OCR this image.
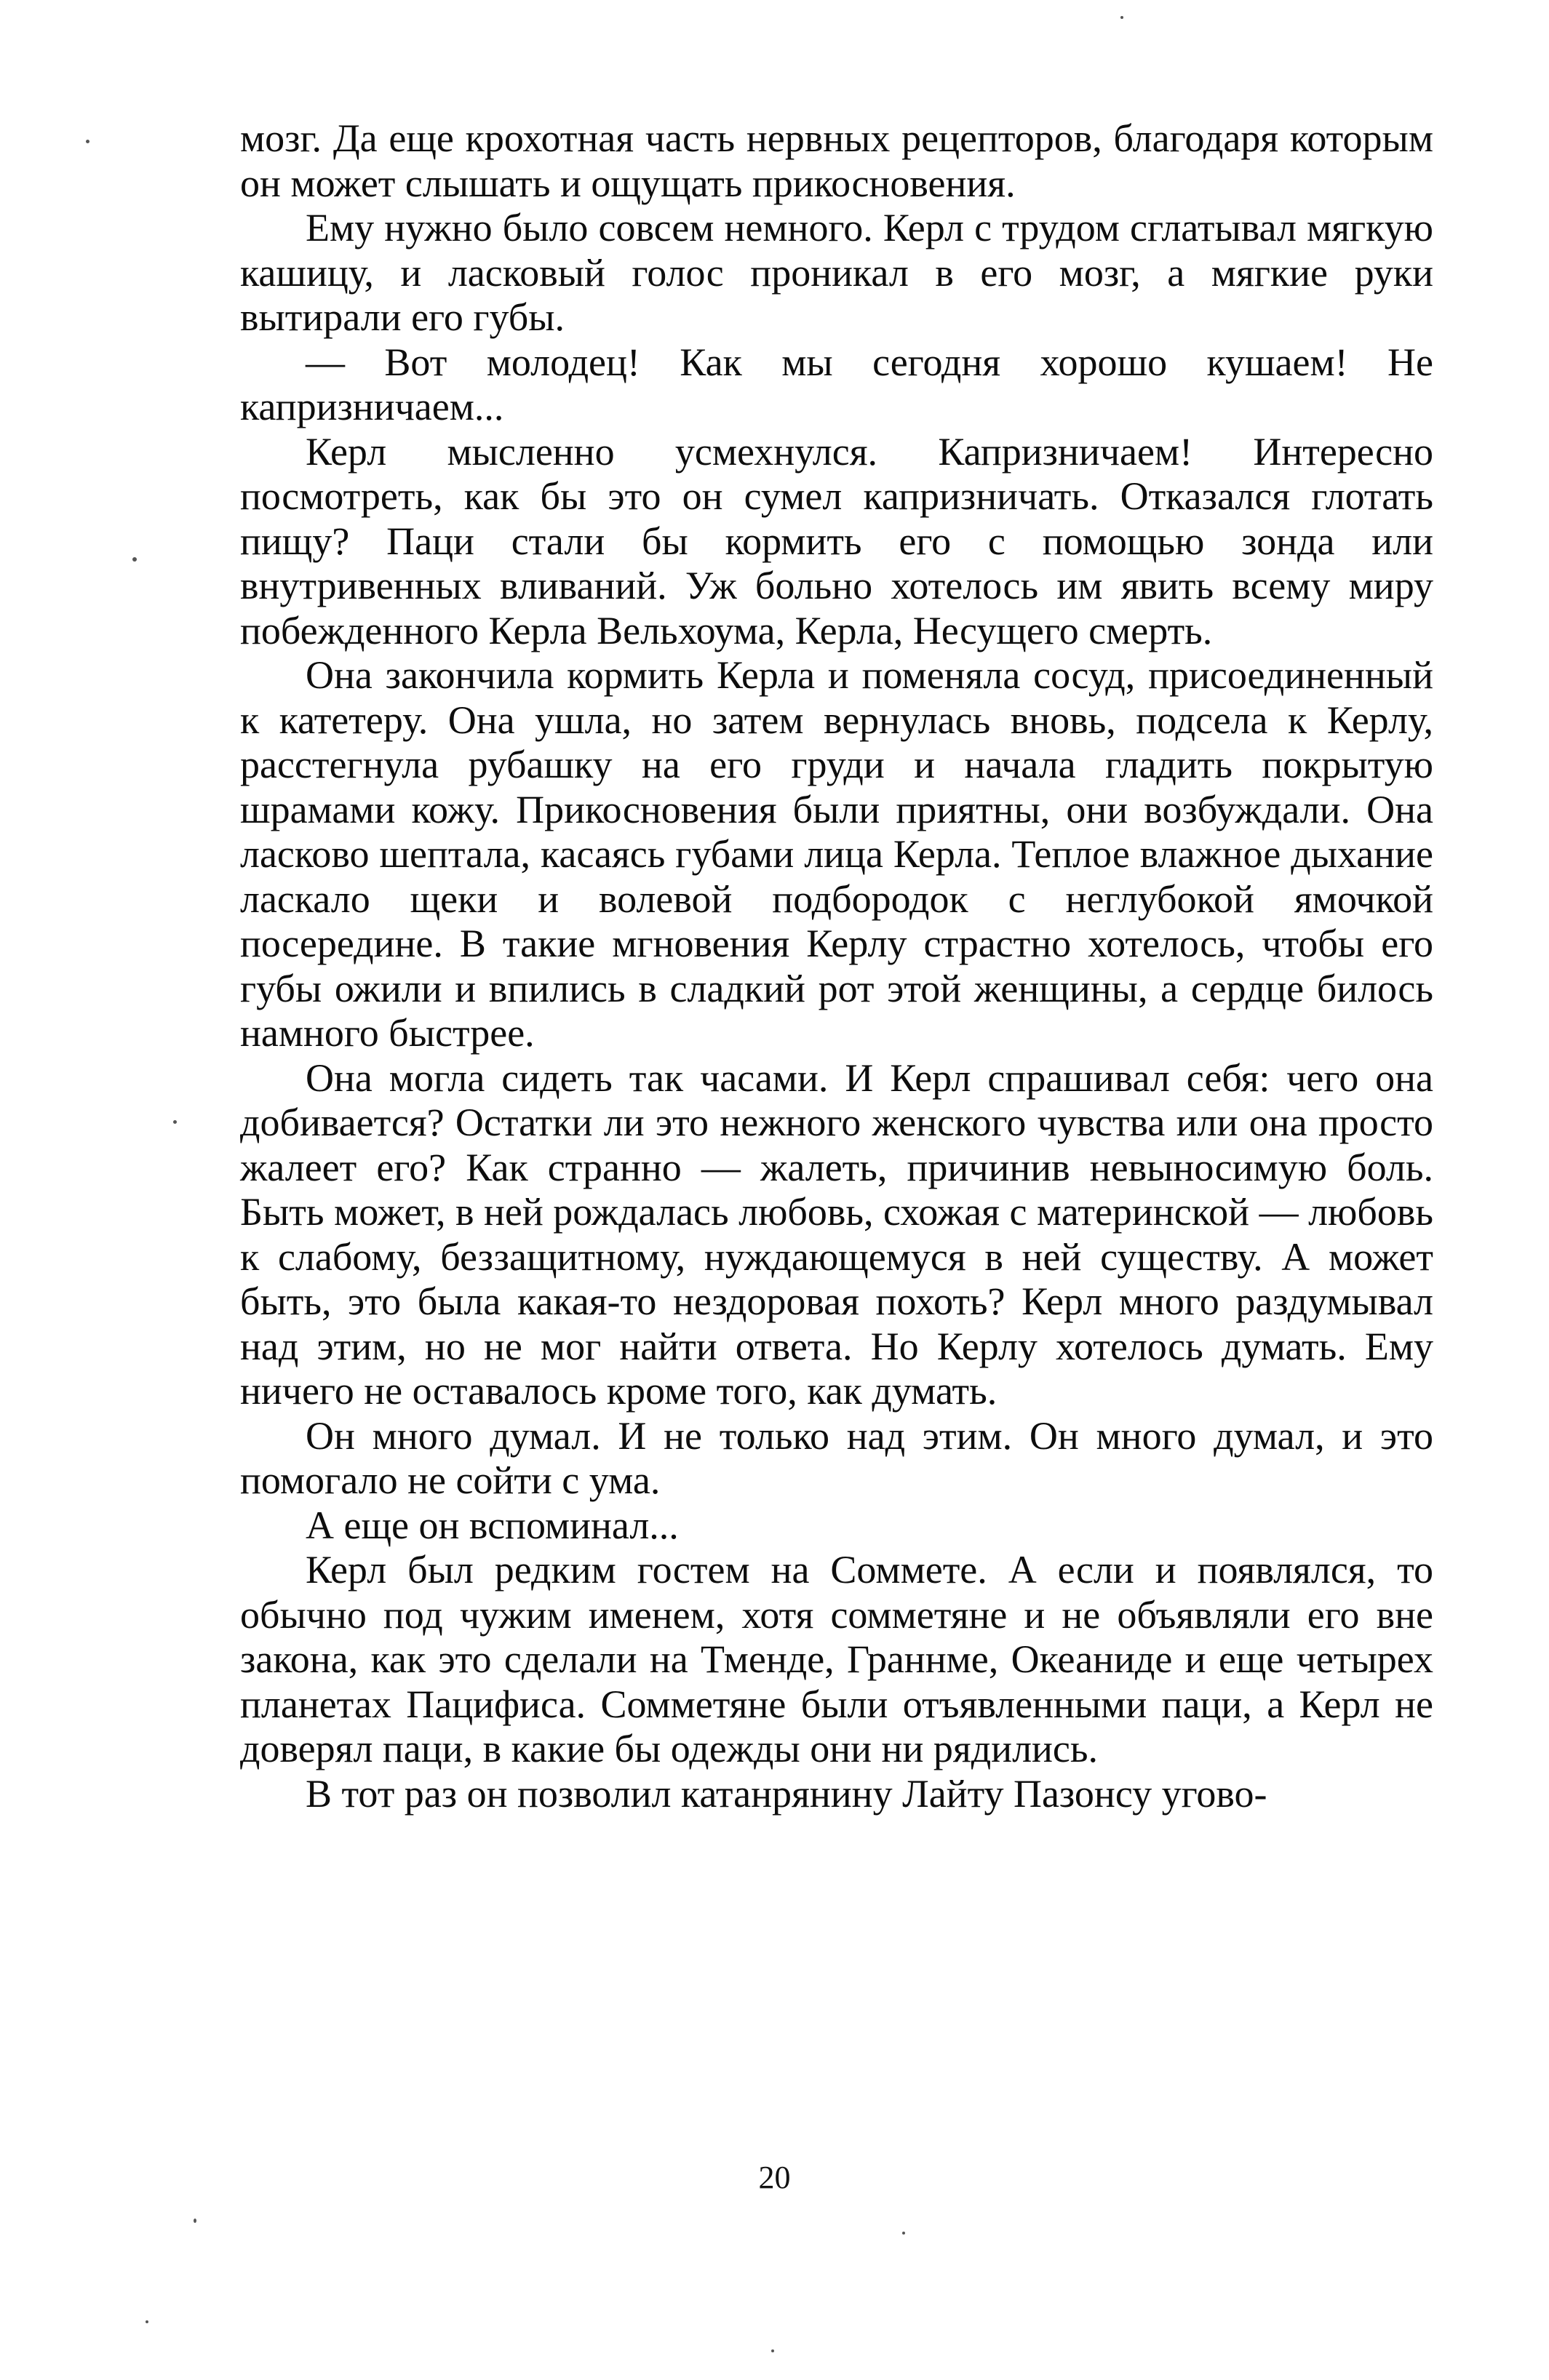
мозг. Да еще крохотная часть нервных рецепторов, благодаря которым он может слышать и ощущать прикосновения.

Ему нужно было совсем немного. Керл с трудом сглатывал мягкую кашицу, и ласковый голос проникал в его мозг, а мягкие руки вытирали его губы.

— Вот молодец! Как мы сегодня хорошо кушаем! Не капризничаем...

Керл мысленно усмехнулся. Капризничаем! Интересно посмотреть, как бы это он сумел капризничать. Отказался глотать пищу? Паци стали бы кормить его с помощью зонда или внутривенных вливаний. Уж больно хотелось им явить всему миру побежденного Керла Вельхоума, Керла, Несущего смерть.

Она закончила кормить Керла и поменяла сосуд, присоединенный к катетеру. Она ушла, но затем вернулась вновь, подсела к Керлу, расстегнула рубашку на его груди и начала гладить покрытую шрамами кожу. Прикосновения были приятны, они возбуждали. Она ласково шептала, касаясь губами лица Керла. Теплое влажное дыхание ласкало щеки и волевой подбородок с неглубокой ямочкой посередине. В такие мгновения Керлу страстно хотелось, чтобы его губы ожили и впились в сладкий рот этой женщины, а сердце билось намного быстрее.

Она могла сидеть так часами. И Керл спрашивал себя: чего она добивается? Остатки ли это нежного женского чувства или она просто жалеет его? Как странно — жалеть, причинив невыносимую боль. Быть может, в ней рождалась любовь, схожая с материнской — любовь к слабому, беззащитному, нуждающемуся в ней существу. А может быть, это была какая-то нездоровая похоть? Керл много раздумывал над этим, но не мог найти ответа. Но Керлу хотелось думать. Ему ничего не оставалось кроме того, как думать.

Он много думал. И не только над этим. Он много думал, и это помогало не сойти с ума.

А еще он вспоминал...

Керл был редким гостем на Соммете. А если и появлялся, то обычно под чужим именем, хотя сомметяне и не объявляли его вне закона, как это сделали на Тменде, Граннме, Океаниде и еще четырех планетах Пацифиса. Сомметяне были отъявленными паци, а Керл не доверял паци, в какие бы одежды они ни рядились.

В тот раз он позволил катанрянину Лайту Пазонсу угово-

20
